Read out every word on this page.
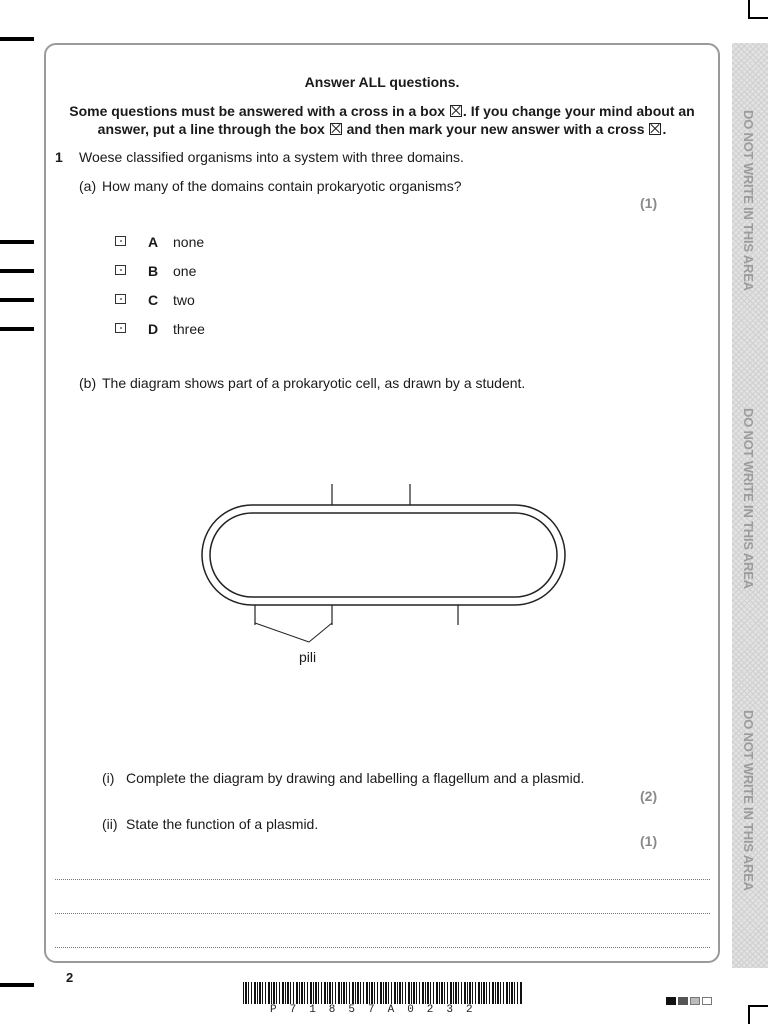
Answer ALL questions.
Some questions must be answered with a cross in a box ☒. If you change your mind about an
answer, put a line through the box ☒ and then mark your new answer with a cross ☒.
1 Woese classified organisms into a system with three domains.
(a) How many of the domains contain prokaryotic organisms?
(1)
A none
B one
C two
D three
(b) The diagram shows part of a prokaryotic cell, as drawn by a student.
pili
(i) Complete the diagram by drawing and labelling a flagellum and a plasmid.
(2)
(ii) State the function of a plasmid.
(1)
2
P71857A0232
